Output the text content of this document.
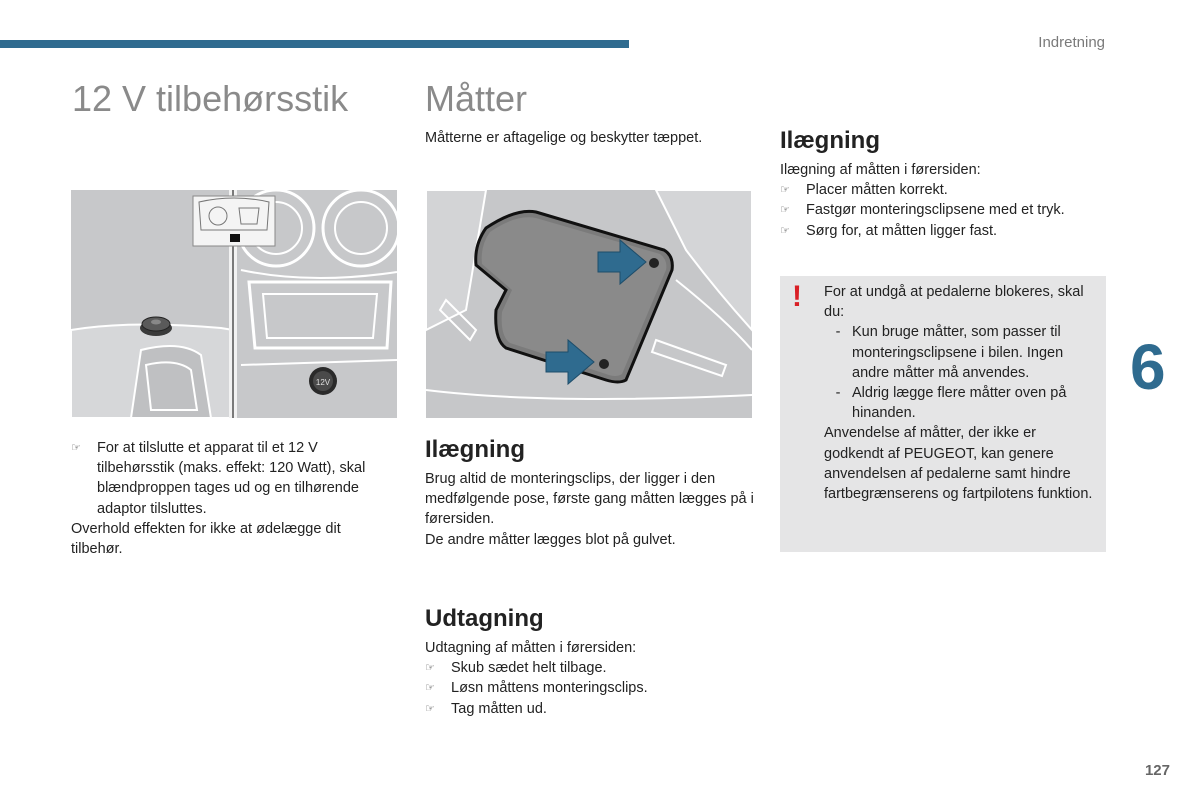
Indretning
12 V tilbehørsstik
12V
☞	For at tilslutte et apparat til et 12 V tilbehørsstik (maks. effekt: 120 Watt), skal blændproppen tages ud og en tilhørende adaptor tilsluttes.

Overhold effekten for ikke at ødelægge dit tilbehør.

Måtter
Måtterne er aftagelige og beskytter tæppet.
Ilægning

Brug altid de monteringsclips, der ligger i den medfølgende pose, første gang måtten lægges på i førersiden.

De andre måtter lægges blot på gulvet.

Udtagning

Udtagning af måtten i førersiden:

☞	Skub sædet helt tilbage.
☞	Løsn måttens monteringsclips.
☞	Tag måtten ud.
Ilægning

Ilægning af måtten i førersiden:

☞	Placer måtten korrekt.
☞	Fastgør monteringsclipsene med et tryk.
☞	Sørg for, at måtten ligger fast.
! For at undgå at pedalerne blokeres, skal du:

- Kun bruge måtter, som passer til monteringsclipsene i bilen. Ingen andre måtter må anvendes.
- Aldrig lægge flere måtter oven på hinanden.

Anvendelse af måtter, der ikke er godkendt af PEUGEOT, kan genere anvendelsen af pedalerne samt hindre fartbegrænserens og fartpilotens funktion.

6
127
